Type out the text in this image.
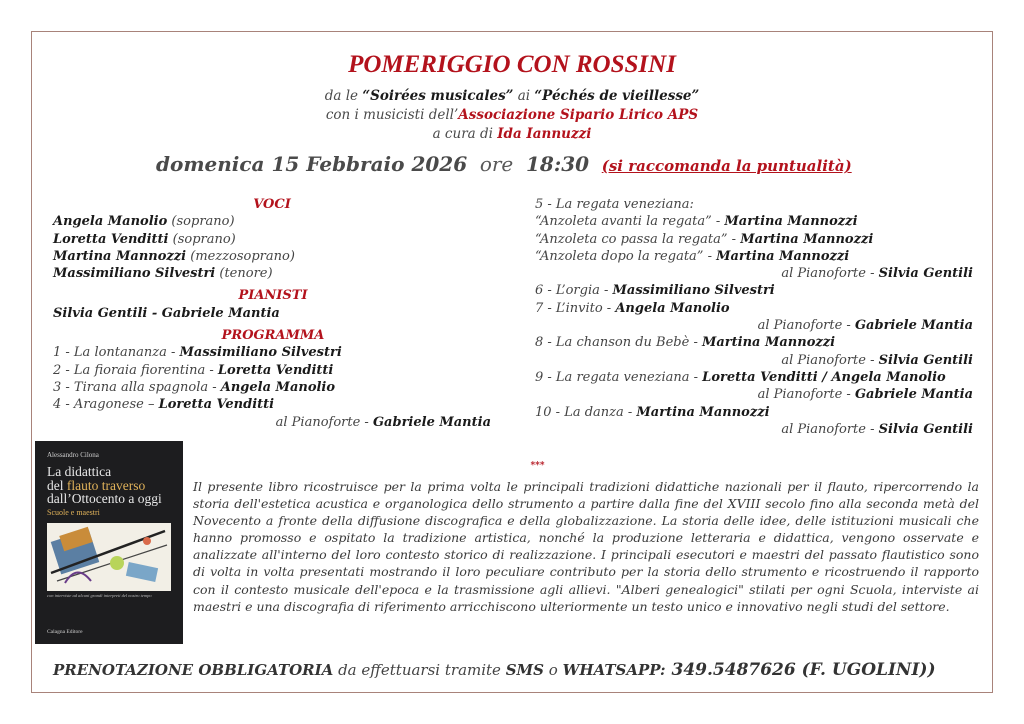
POMERIGGIO CON ROSSINI
da le “Soirées musicales” ai “Péchés de vieillesse”
con i musicisti dell’Associazione Sipario Lirico APS
a cura di Ida Iannuzzi
domenica 15 Febbraio 2026 ore 18:30 (si raccomanda la puntualità)
VOCI
Angela Manolio (soprano)
Loretta Venditti (soprano)
Martina Mannozzi (mezzosoprano)
Massimiliano Silvestri (tenore)
PIANISTI
Silvia Gentili - Gabriele Mantia
PROGRAMMA
1 - La lontananza - Massimiliano Silvestri
2 - La fioraia fiorentina - Loretta Venditti
3 - Tirana alla spagnola - Angela Manolio
4 - Aragonese – Loretta Venditti
al Pianoforte - Gabriele Mantia
5 - La regata veneziana:
“Anzoleta avanti la regata” - Martina Mannozzi
“Anzoleta co passa la regata” - Martina Mannozzi
“Anzoleta dopo la regata” - Martina Mannozzi
al Pianoforte - Silvia Gentili
6 - L’orgia - Massimiliano Silvestri
7 - L’invito - Angela Manolio
al Pianoforte - Gabriele Mantia
8 - La chanson du Bebè - Martina Mannozzi
al Pianoforte - Silvia Gentili
9 - La regata veneziana - Loretta Venditti / Angela Manolio
al Pianoforte - Gabriele Mantia
10 - La danza - Martina Mannozzi
al Pianoforte - Silvia Gentili
Alessandro Cilona
La didattica
del flauto traverso
dall’Ottocento a oggi
Scuole e maestri
con interviste ad alcuni grandi interpreti del nostro tempo
Calagna Editore
***
Il presente libro ricostruisce per la prima volta le principali tradizioni didattiche nazionali per il flauto, ripercorrendo la storia dell'estetica acustica e organologica dello strumento a partire dalla fine del XVIII secolo fino alla seconda metà del Novecento a fronte della diffusione discografica e della globalizzazione. La storia delle idee, delle istituzioni musicali che hanno promosso e ospitato la tradizione artistica, nonché la produzione letteraria e didattica, vengono osservate e analizzate all'interno del loro contesto storico di realizzazione. I principali esecutori e maestri del passato flautistico sono di volta in volta presentati mostrando il loro peculiare contributo per la storia dello strumento e ricostruendo il rapporto con il contesto musicale dell'epoca e la trasmissione agli allievi. "Alberi genealogici" stilati per ogni Scuola, interviste ai maestri e una discografia di riferimento arricchiscono ulteriormente un testo unico e innovativo negli studi del settore.
PRENOTAZIONE OBBLIGATORIA da effettuarsi tramite SMS o WHATSAPP: 349.5487626 (F. UGOLINI))
